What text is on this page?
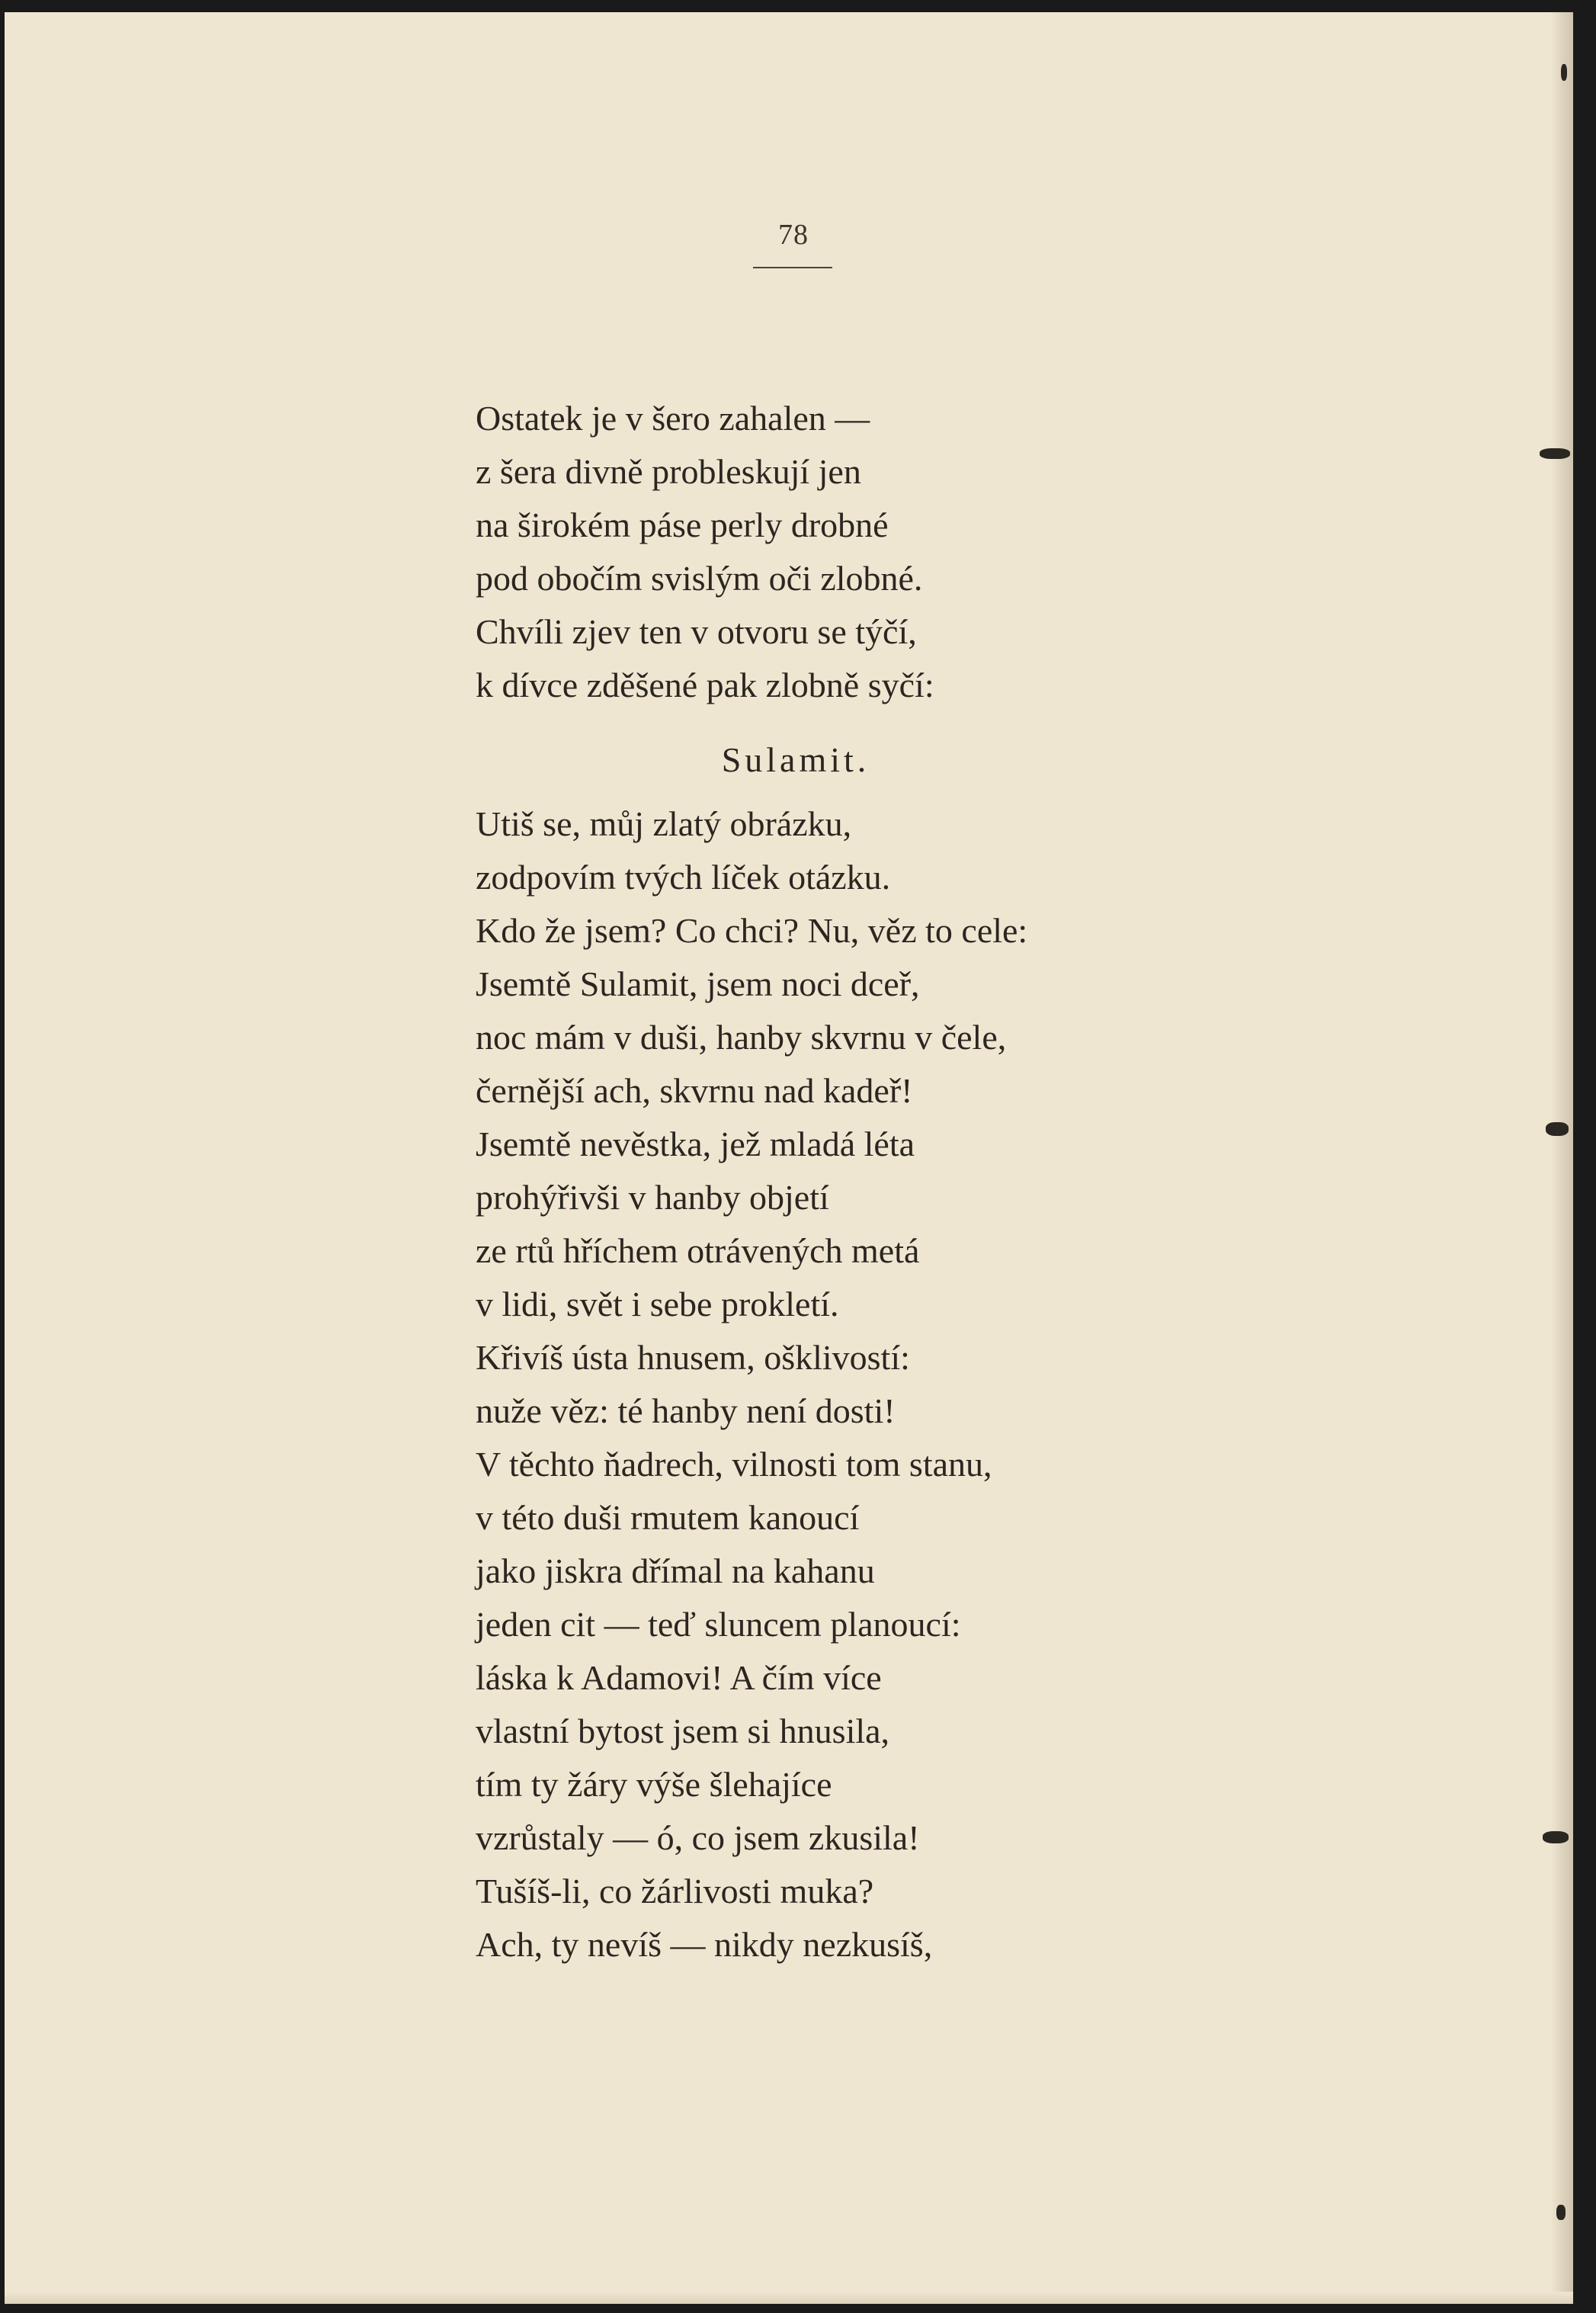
78
Ostatek je v šero zahalen —
z šera divně probleskují jen
na širokém páse perly drobné
pod obočím svislým oči zlobné.
Chvíli zjev ten v otvoru se týčí,
k dívce zděšené pak zlobně syčí:
Sulamit.
Utiš se, můj zlatý obrázku,
zodpovím tvých líček otázku.
Kdo že jsem? Co chci? Nu, věz to cele:
Jsemtě Sulamit, jsem noci dceř,
noc mám v duši, hanby skvrnu v čele,
černější ach, skvrnu nad kadeř!
Jsemtě nevěstka, jež mladá léta
prohýřivši v hanby objetí
ze rtů hříchem otrávených metá
v lidi, svět i sebe prokletí.
Křivíš ústa hnusem, ošklivostí:
nuže věz: té hanby není dosti!
V těchto ňadrech, vilnosti tom stanu,
v této duši rmutem kanoucí
jako jiskra dřímal na kahanu
jeden cit — teď sluncem planoucí:
láska k Adamovi! A čím více
vlastní bytost jsem si hnusila,
tím ty žáry výše šlehajíce
vzrůstaly — ó, co jsem zkusila!
Tušíš-li, co žárlivosti muka?
Ach, ty nevíš — nikdy nezkusíš,
